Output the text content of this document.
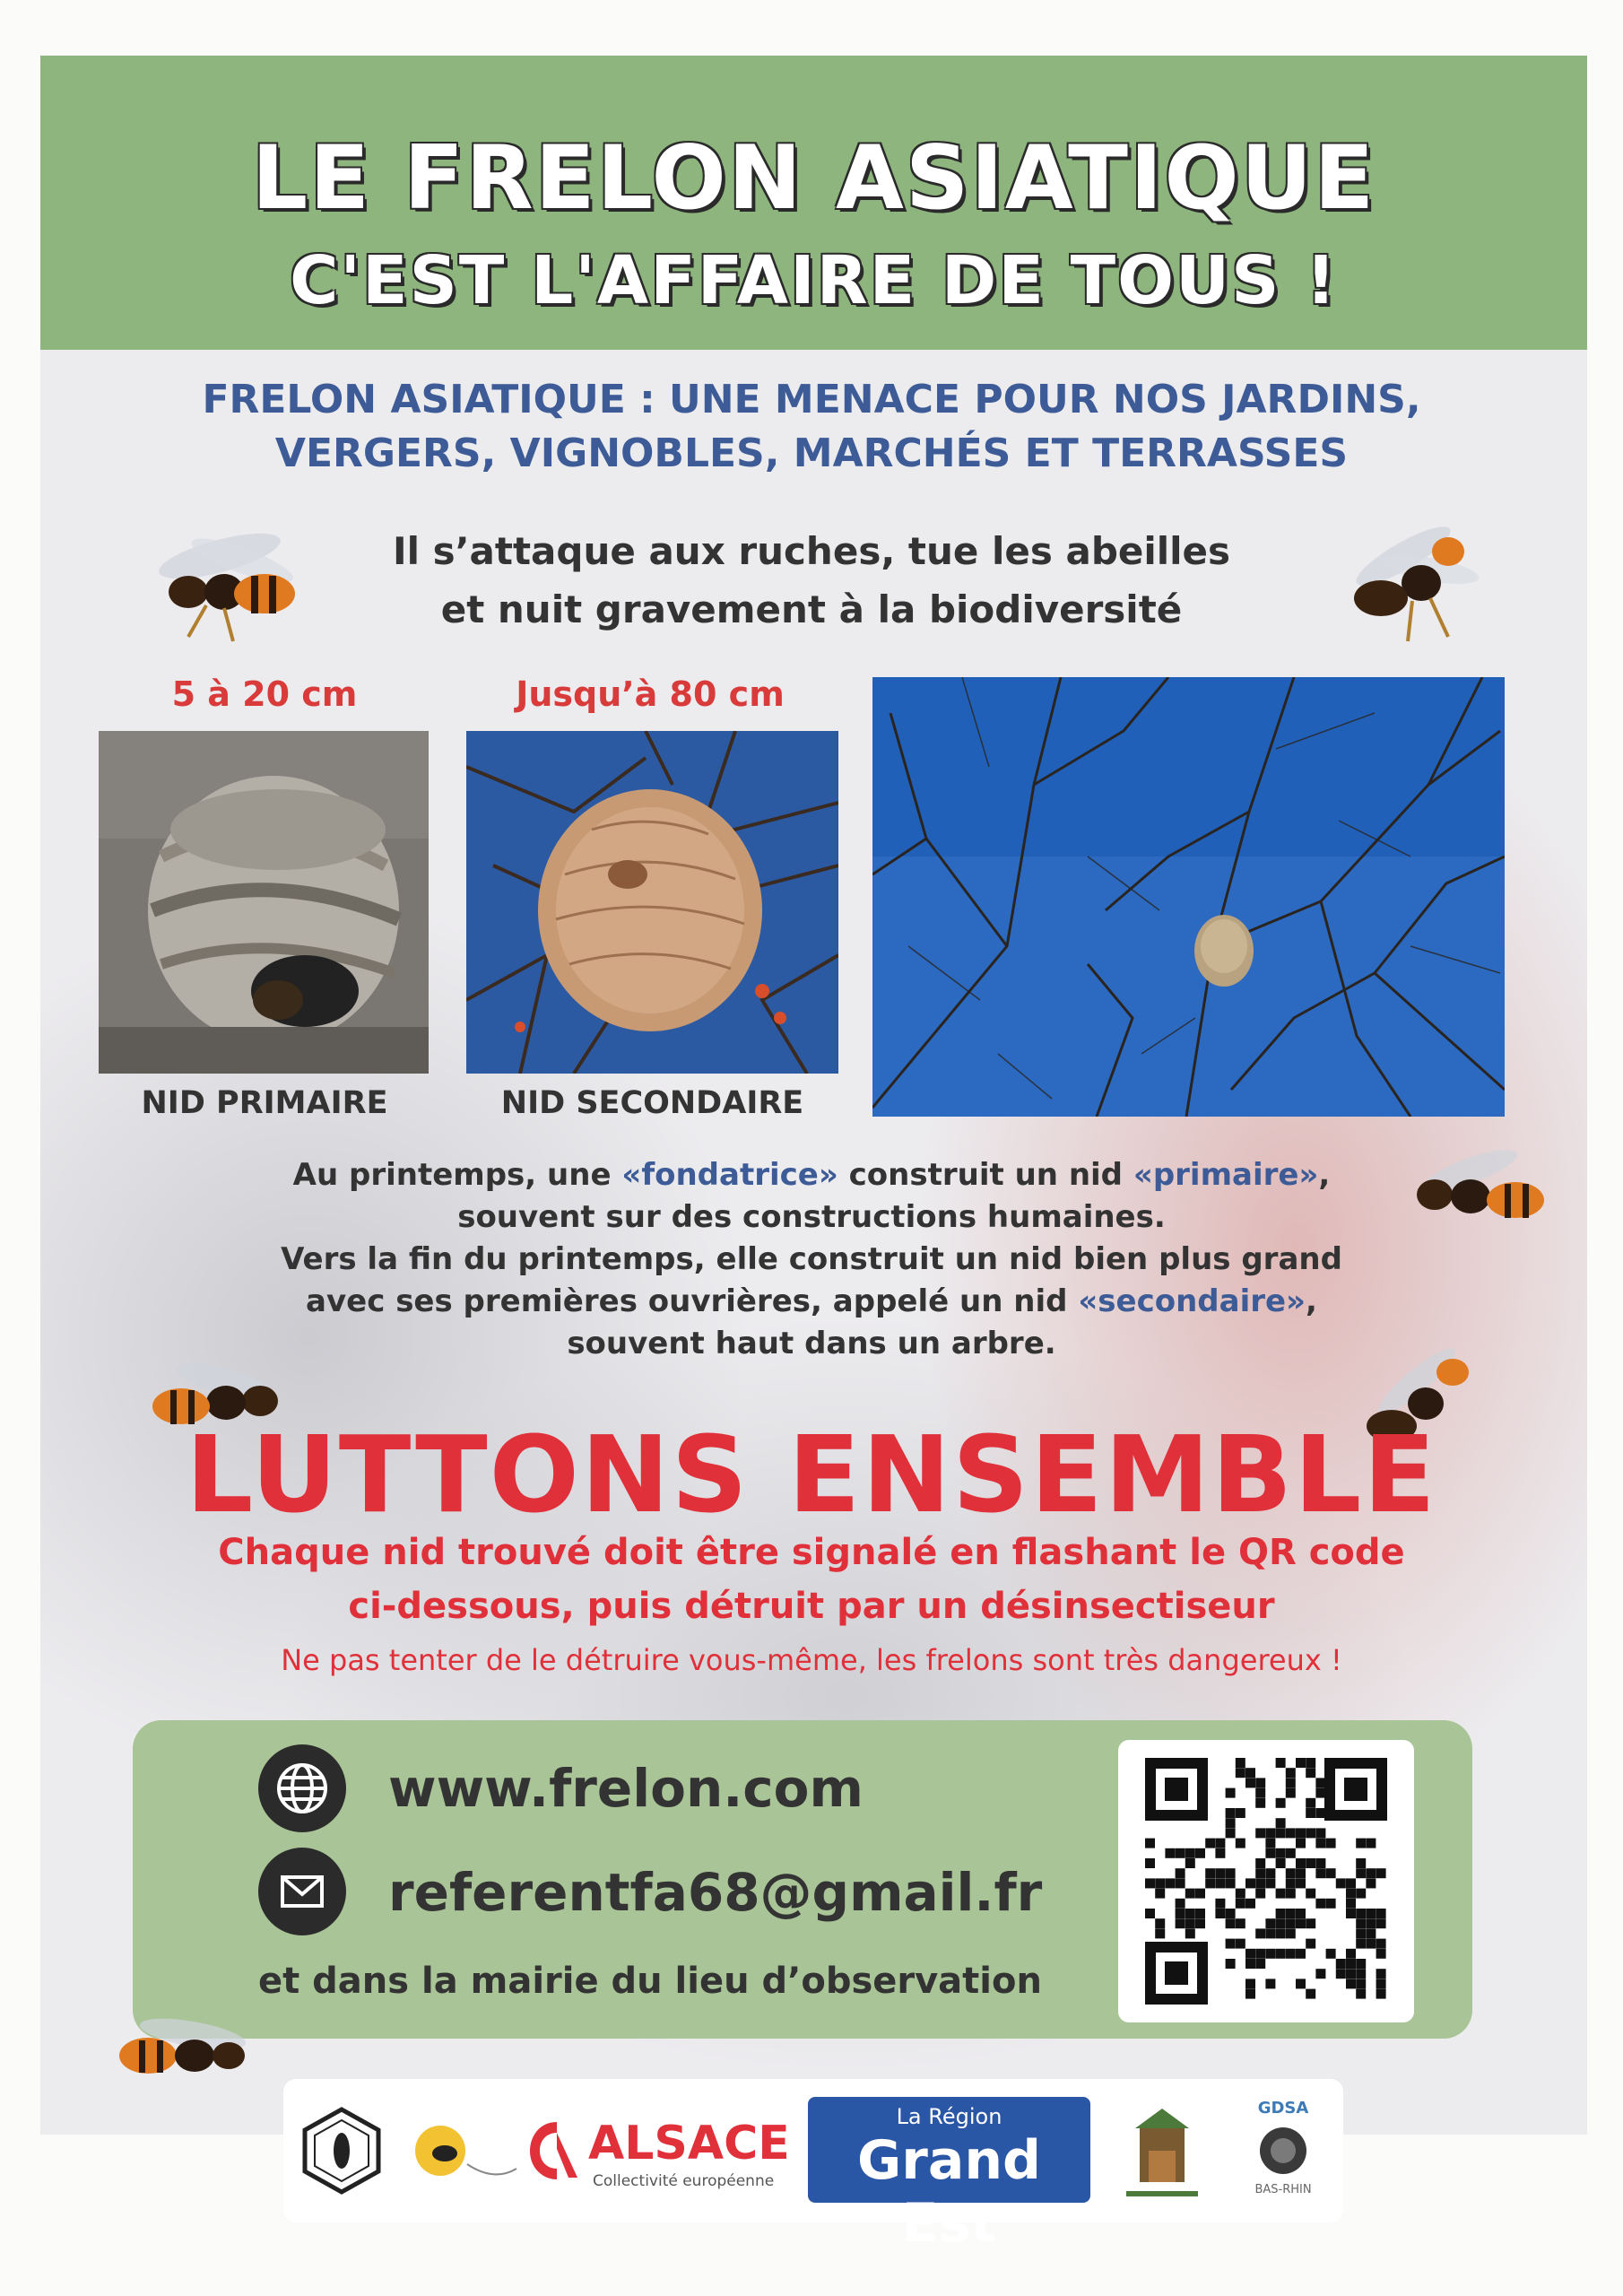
LE FRELON ASIATIQUE
C'EST L'AFFAIRE DE TOUS !
FRELON ASIATIQUE : UNE MENACE POUR NOS JARDINS,
VERGERS, VIGNOBLES, MARCHÉS ET TERRASSES
Il s’attaque aux ruches, tue les abeilles
et nuit gravement à la biodiversité
5 à 20 cm	Jusqu’à 80 cm
NID PRIMAIRE	NID SECONDAIRE
Au printemps, une «fondatrice» construit un nid «primaire»,
souvent sur des constructions humaines.
Vers la fin du printemps, elle construit un nid bien plus grand
avec ses premières ouvrières, appelé un nid «secondaire»,
souvent haut dans un arbre.
LUTTONS ENSEMBLE
Chaque nid trouvé doit être signalé en flashant le QR code
ci-dessous, puis détruit par un désinsectiseur
Ne pas tenter de le détruire vous-même, les frelons sont très dangereux !
www.frelon.com
referentfa68@gmail.fr
et dans la mairie du lieu d’observation
ALSACE
Collectivité européenne
La Région
Grand Est
GDSA
BAS-RHIN
